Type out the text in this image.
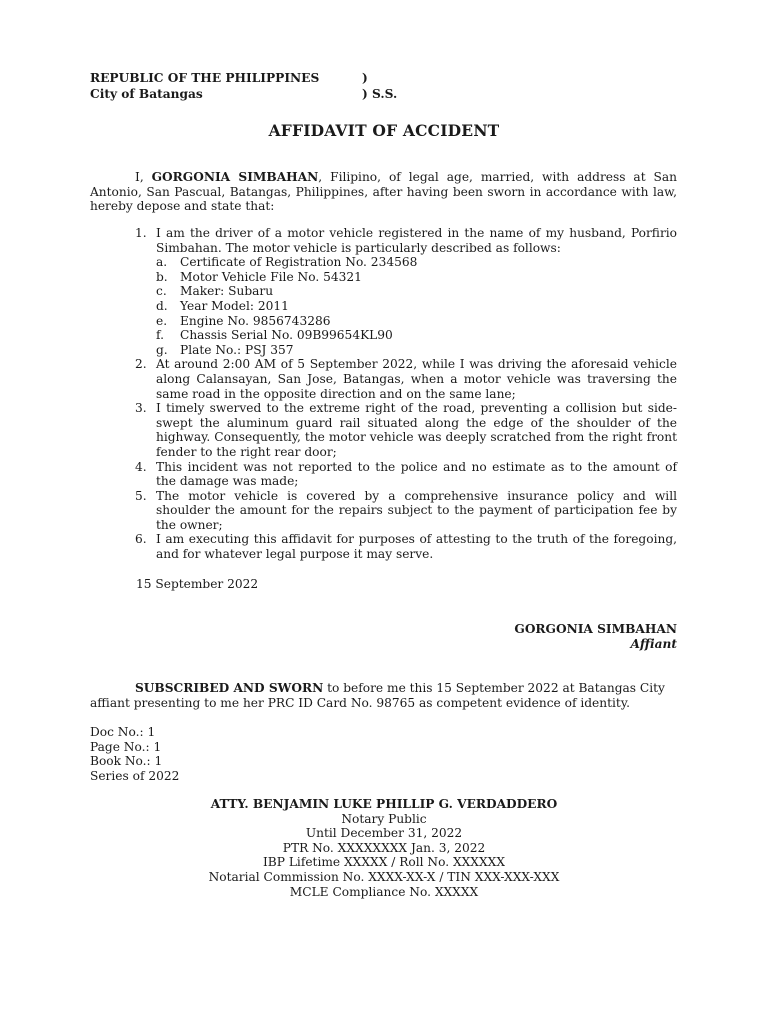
REPUBLIC OF THE PHILIPPINES	)
City of Batangas	) S.S.
AFFIDAVIT OF ACCIDENT
I, GORGONIA SIMBAHAN, Filipino, of legal age, married, with address at San Antonio, San Pascual, Batangas, Philippines, after having been sworn in accordance with law, hereby depose and state that:
1. I am the driver of a motor vehicle registered in the name of my husband, Porfirio Simbahan. The motor vehicle is particularly described as follows:
a. Certificate of Registration No. 234568
b. Motor Vehicle File No. 54321
c. Maker: Subaru
d. Year Model: 2011
e. Engine No. 9856743286
f. Chassis Serial No. 09B99654KL90
g. Plate No.: PSJ 357
2. At around 2:00 AM of 5 September 2022, while I was driving the aforesaid vehicle along Calansayan, San Jose, Batangas, when a motor vehicle was traversing the same road in the opposite direction and on the same lane;
3. I timely swerved to the extreme right of the road, preventing a collision but side-swept the aluminum guard rail situated along the edge of the shoulder of the highway. Consequently, the motor vehicle was deeply scratched from the right front fender to the right rear door;
4. This incident was not reported to the police and no estimate as to the amount of the damage was made;
5. The motor vehicle is covered by a comprehensive insurance policy and will shoulder the amount for the repairs subject to the payment of participation fee by the owner;
6. I am executing this affidavit for purposes of attesting to the truth of the foregoing, and for whatever legal purpose it may serve.
15 September 2022
GORGONIA SIMBAHAN
Affiant
SUBSCRIBED AND SWORN to before me this 15 September 2022 at Batangas City affiant presenting to me her PRC ID Card No. 98765 as competent evidence of identity.
Doc No.: 1
Page No.: 1
Book No.: 1
Series of 2022
ATTY. BENJAMIN LUKE PHILLIP G. VERDADDERO
Notary Public
Until December 31, 2022
PTR No. XXXXXXXX Jan. 3, 2022
IBP Lifetime XXXXX / Roll No. XXXXXX
Notarial Commission No. XXXX-XX-X / TIN XXX-XXX-XXX
MCLE Compliance No. XXXXX
